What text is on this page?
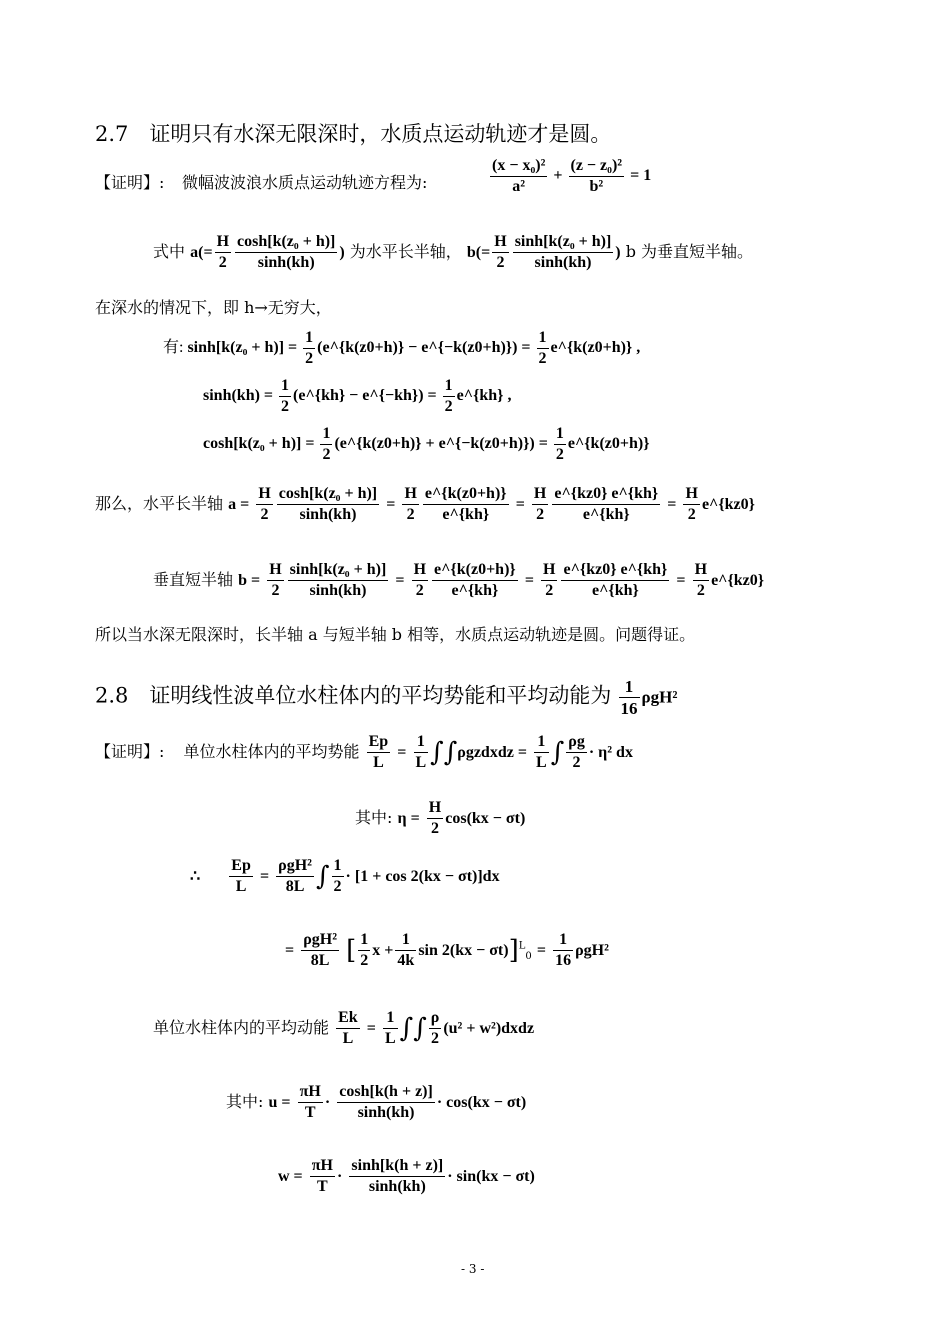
2.7　证明只有水深无限深时，水质点运动轨迹才是圆。
【证明】: 微幅波波浪水质点运动轨迹方程为:	$\frac{\text{(x − x₀)²}}{\text{a²}} + \frac{\text{(z − z₀)²}}{\text{b²}} = 1$
式中 $a(= \frac{H}{2} \frac{\text{cosh[k(z₀ + h)]}}{\sinh(kh)}$ ) 为水平长半轴， $b(= \frac{H}{2} \frac{\text{sinh[k(z₀ + h)]}}{\sinh(kh)}$ ) b 为垂直短半轴。
在深水的情况下，即 h→无穷大，
有: $\sinh[k(z_0 + h)] = \frac{1}{2}$ (e^{k(z0+h)} − e^{−k(z0+h)}) = $\frac{1}{2}$ e^{k(z0+h)} ,
$\sinh(kh) = \frac{1}{2}$ (e^{kh} − e^{−kh}) = $\frac{1}{2}$ e^{kh} ,
$\cosh[k(z_0 + h)] = \frac{1}{2}$ (e^{k(z0+h)} + e^{−k(z0+h)}) = $\frac{1}{2}$ e^{k(z0+h)}
那么，水平长半轴 $a = \frac{H}{2} \frac{\text{cosh[k(z₀ + h)]}}{\sinh(kh)} = \frac{H}{2} \frac{e\^{}\{k(z0+h)\}}{e\^{}\{kh\}} = \frac{H}{2} \frac{e\^{}\{kz0\} e\^{}\{kh\}}{e\^{}\{kh\}} = \frac{H}{2}$ e^{kz0}
垂直短半轴 $b = \frac{H}{2} \frac{\text{sinh[k(z₀ + h)]}}{\sinh(kh)} = \frac{H}{2} \frac{e\^{}\{k(z0+h)\}}{e\^{}\{kh\}} = \frac{H}{2} \frac{e\^{}\{kz0\} e\^{}\{kh\}}{e\^{}\{kh\}} = \frac{H}{2}$ e^{kz0}
所以当水深无限深时，长半轴 a 与短半轴 b 相等，水质点运动轨迹是圆。问题得证。
2.8　证明线性波单位水柱体内的平均势能和平均动能为 $\frac{1}{16} \rho gH^2$
【证明】: 单位水柱体内的平均势能 $\frac{Ep}{L} = \frac{1}{L}$ ∫∫ρgzdxdz = $\frac{1}{L}$ ∫ $\frac{\rho g}{2} \cdot \eta^2$ dx
其中: $\eta = \frac{H}{2} \cos(kx - \sigma t)$
∴ $\frac{Ep}{L} = \frac{\text{ρgH²}}{8L}$ ∫ $\frac{1}{2} \cdot [1 + \cos 2(kx - \sigma t)]dx$
= $\frac{\text{ρgH²}}{8L}$ [ $\frac{1}{2}$ $x + \frac{1}{4k}$ $\sin 2(kx - \sigma t)]^L_0 = \frac{1}{16} \rho gH^2$
单位水柱体内的平均动能 $\frac{Ek}{L} = \frac{1}{L}$ ∫∫ $\frac{\rho}{2} (u^2$ + w²)dxdz
其中: $u = \frac{\pi H}{T} \cdot \frac{\cosh[k(h + z)]}{\sinh(kh)} \cdot \cos(kx - \sigma t)$
$w = \frac{\pi H}{T} \cdot \frac{\sinh[k(h + z)]}{\sinh(kh)} \cdot \sin(kx - \sigma t)$
- 3 -
